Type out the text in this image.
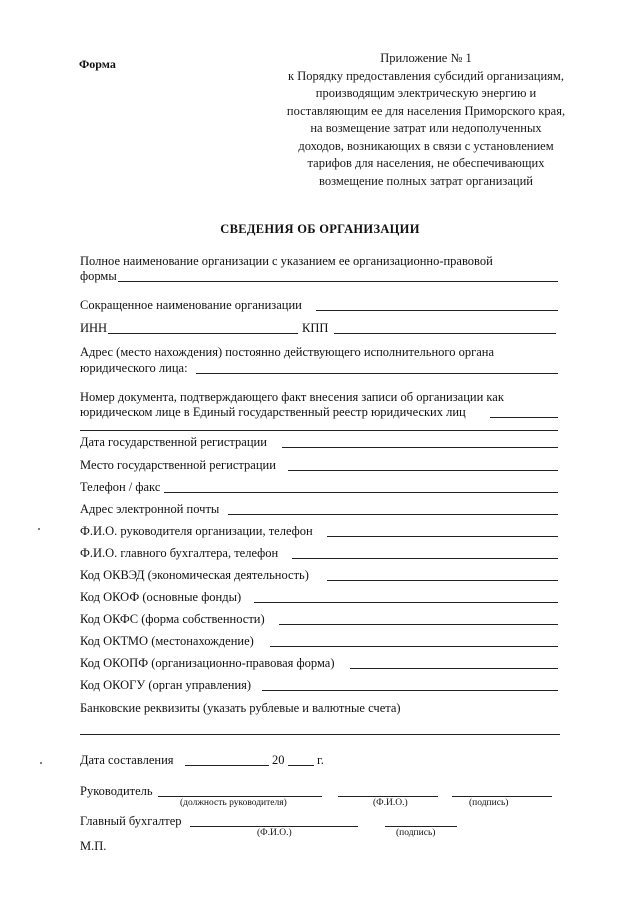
Форма	Приложение № 1
к Порядку предоставления субсидий организациям,
производящим электрическую энергию и
поставляющим ее для населения Приморского края,
на возмещение затрат или недополученных
доходов, возникающих в связи с установлением
тарифов для населения, не обеспечивающих
возмещение полных затрат организаций
СВЕДЕНИЯ ОБ ОРГАНИЗАЦИИ
Полное наименование организации с указанием ее организационно-правовой
формы
Сокращенное наименование организации
ИНН	КПП
Адрес (место нахождения) постоянно действующего исполнительного органа
юридического лица:
Номер документа, подтверждающего факт внесения записи об организации как
юридическом лице в Единый государственный реестр юридических лиц
Дата государственной регистрации
Место государственной регистрации
Телефон / факс
Адрес электронной почты
Ф.И.О. руководителя организации, телефон
Ф.И.О. главного бухгалтера, телефон
Код ОКВЭД (экономическая деятельность)
Код ОКОФ (основные фонды)
Код ОКФС (форма собственности)
Код ОКТМО (местонахождение)
Код ОКОПФ (организационно-правовая форма)
Код ОКОГУ (орган управления)
Банковские реквизиты (указать рублевые и валютные счета)
Дата составления	20	г.
Руководитель
(должность руководителя)	(Ф.И.О.)	(подпись)
Главный бухгалтер
(Ф.И.О.)	(подпись)
М.П.
